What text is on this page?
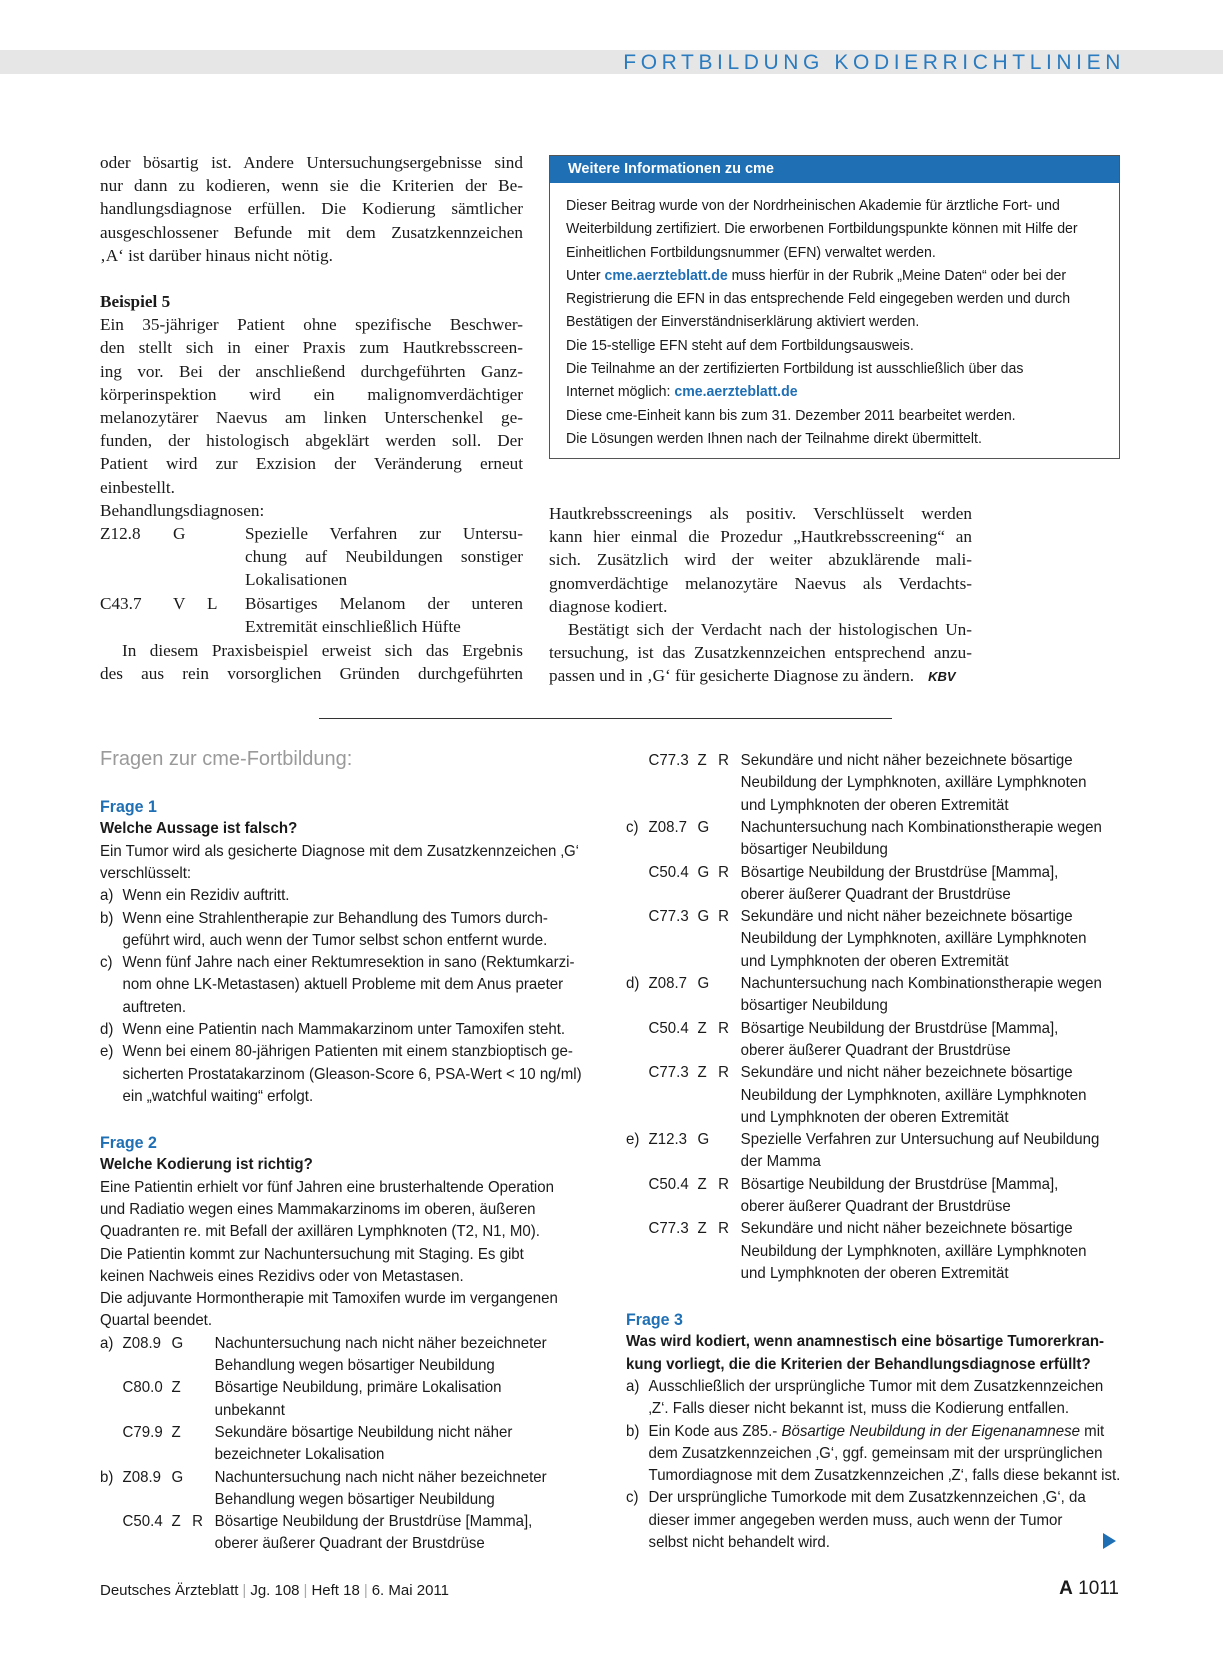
FORTBILDUNG KODIERRICHTLINIEN
oder bösartig ist. Andere Untersuchungsergebnisse sind
nur dann zu kodieren, wenn sie die Kriterien der Be-
handlungsdiagnose erfüllen. Die Kodierung sämtlicher
ausgeschlossener Befunde mit dem Zusatzkennzeichen
‚A‘ ist darüber hinaus nicht nötig.
Beispiel 5
Ein 35-jähriger Patient ohne spezifische Beschwer-
den stellt sich in einer Praxis zum Hautkrebsscreen-
ing vor. Bei der anschließend durchgeführten Ganz-
körperinspektion wird ein malignomverdächtiger
melanozytärer Naevus am linken Unterschenkel ge-
funden, der histologisch abgeklärt werden soll. Der
Patient wird zur Exzision der Veränderung erneut
einbestellt.
Behandlungsdiagnosen:
Z12.8 G	Spezielle Verfahren zur Untersu-
chung auf Neubildungen sonstiger
Lokalisationen
C43.7 V L Bösartiges Melanom der unteren
Extremität einschließlich Hüfte
In diesem Praxisbeispiel erweist sich das Ergebnis
des aus rein vorsorglichen Gründen durchgeführten
Weitere Informationen zu cme
Dieser Beitrag wurde von der Nordrheinischen Akademie für ärztliche Fort- und
Weiterbildung zertifiziert. Die erworbenen Fortbildungspunkte können mit Hilfe der
Einheitlichen Fortbildungsnummer (EFN) verwaltet werden.
Unter cme.aerzteblatt.de muss hierfür in der Rubrik „Meine Daten“ oder bei der
Registrierung die EFN in das entsprechende Feld eingegeben werden und durch
Bestätigen der Einverständniserklärung aktiviert werden.
Die 15-stellige EFN steht auf dem Fortbildungsausweis.
Die Teilnahme an der zertifizierten Fortbildung ist ausschließlich über das
Internet möglich: cme.aerzteblatt.de
Diese cme-Einheit kann bis zum 31. Dezember 2011 bearbeitet werden.
Die Lösungen werden Ihnen nach der Teilnahme direkt übermittelt.
Hautkrebsscreenings als positiv. Verschlüsselt werden
kann hier einmal die Prozedur „Hautkrebsscreening“ an
sich. Zusätzlich wird der weiter abzuklärende mali-
gnomverdächtige melanozytäre Naevus als Verdachts-
diagnose kodiert.
Bestätigt sich der Verdacht nach der histologischen Un-
tersuchung, ist das Zusatzkennzeichen entsprechend anzu-
passen und in ‚G‘ für gesicherte Diagnose zu ändern. KBV
Fragen zur cme-Fortbildung:
Frage 1
Welche Aussage ist falsch?
Ein Tumor wird als gesicherte Diagnose mit dem Zusatzkennzeichen ‚G‘
verschlüsselt:
a) Wenn ein Rezidiv auftritt.
b) Wenn eine Strahlentherapie zur Behandlung des Tumors durch-
geführt wird, auch wenn der Tumor selbst schon entfernt wurde.
c) Wenn fünf Jahre nach einer Rektumresektion in sano (Rektumkarzi-
nom ohne LK-Metastasen) aktuell Probleme mit dem Anus praeter
auftreten.
d) Wenn eine Patientin nach Mammakarzinom unter Tamoxifen steht.
e) Wenn bei einem 80-jährigen Patienten mit einem stanzbioptisch ge-
sicherten Prostatakarzinom (Gleason-Score 6, PSA-Wert < 10 ng/ml)
ein „watchful waiting“ erfolgt.
Frage 2
Welche Kodierung ist richtig?
Eine Patientin erhielt vor fünf Jahren eine brusterhaltende Operation
und Radiatio wegen eines Mammakarzinoms im oberen, äußeren
Quadranten re. mit Befall der axillären Lymphknoten (T2, N1, M0).
Die Patientin kommt zur Nachuntersuchung mit Staging. Es gibt
keinen Nachweis eines Rezidivs oder von Metastasen.
Die adjuvante Hormontherapie mit Tamoxifen wurde im vergangenen
Quartal beendet.
a) Z08.9 G Nachuntersuchung nach nicht näher bezeichneter
Behandlung wegen bösartiger Neubildung
C80.0 Z Bösartige Neubildung, primäre Lokalisation
unbekannt
C79.9 Z Sekundäre bösartige Neubildung nicht näher
bezeichneter Lokalisation
b) Z08.9 G Nachuntersuchung nach nicht näher bezeichneter
Behandlung wegen bösartiger Neubildung
C50.4 Z R Bösartige Neubildung der Brustdrüse [Mamma],
oberer äußerer Quadrant der Brustdrüse
C77.3 Z R Sekundäre und nicht näher bezeichnete bösartige
Neubildung der Lymphknoten, axilläre Lymphknoten
und Lymphknoten der oberen Extremität
c) Z08.7 G Nachuntersuchung nach Kombinationstherapie wegen
bösartiger Neubildung
C50.4 G R Bösartige Neubildung der Brustdrüse [Mamma],
oberer äußerer Quadrant der Brustdrüse
C77.3 G R Sekundäre und nicht näher bezeichnete bösartige
Neubildung der Lymphknoten, axilläre Lymphknoten
und Lymphknoten der oberen Extremität
d) Z08.7 G Nachuntersuchung nach Kombinationstherapie wegen
bösartiger Neubildung
C50.4 Z R Bösartige Neubildung der Brustdrüse [Mamma],
oberer äußerer Quadrant der Brustdrüse
C77.3 Z R Sekundäre und nicht näher bezeichnete bösartige
Neubildung der Lymphknoten, axilläre Lymphknoten
und Lymphknoten der oberen Extremität
e) Z12.3 G Spezielle Verfahren zur Untersuchung auf Neubildung
der Mamma
C50.4 Z R Bösartige Neubildung der Brustdrüse [Mamma],
oberer äußerer Quadrant der Brustdrüse
C77.3 Z R Sekundäre und nicht näher bezeichnete bösartige
Neubildung der Lymphknoten, axilläre Lymphknoten
und Lymphknoten der oberen Extremität
Frage 3
Was wird kodiert, wenn anamnestisch eine bösartige Tumorerkran-
kung vorliegt, die die Kriterien der Behandlungsdiagnose erfüllt?
a) Ausschließlich der ursprüngliche Tumor mit dem Zusatzkennzeichen
‚Z‘. Falls dieser nicht bekannt ist, muss die Kodierung entfallen.
b) Ein Kode aus Z85.- Bösartige Neubildung in der Eigenanamnese mit
dem Zusatzkennzeichen ‚G‘, ggf. gemeinsam mit der ursprünglichen
Tumordiagnose mit dem Zusatzkennzeichen ‚Z‘, falls diese bekannt ist.
c) Der ursprüngliche Tumorkode mit dem Zusatzkennzeichen ‚G‘, da
dieser immer angegeben werden muss, auch wenn der Tumor
selbst nicht behandelt wird.
Deutsches Ärzteblatt | Jg. 108 | Heft 18 | 6. Mai 2011	A 1011
